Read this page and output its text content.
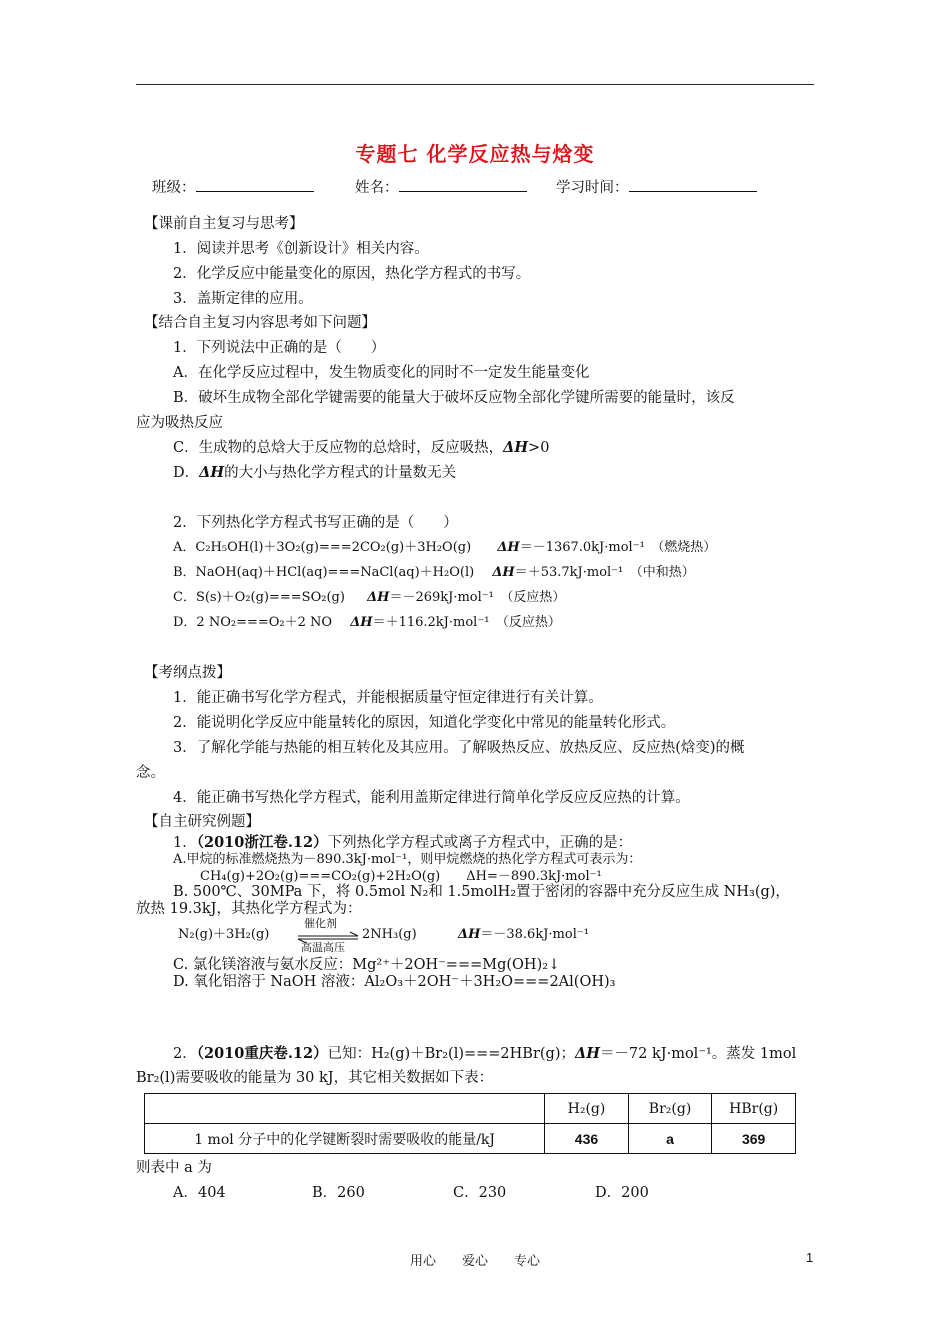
专题七 化学反应热与焓变
班级：	姓名：	学习时间：
【课前自主复习与思考】
1．阅读并思考《创新设计》相关内容。
2．化学反应中能量变化的原因，热化学方程式的书写。
3．盖斯定律的应用。
【结合自主复习内容思考如下问题】
1．下列说法中正确的是（　　）
A．在化学反应过程中，发生物质变化的同时不一定发生能量变化
B．破坏生成物全部化学键需要的能量大于破坏反应物全部化学键所需要的能量时，该反
应为吸热反应
C．生成物的总焓大于反应物的总焓时，反应吸热，ΔH>0
D．ΔH的大小与热化学方程式的计量数无关
2．下列热化学方程式书写正确的是（　　）
A．C₂H₅OH(l)＋3O₂(g)===2CO₂(g)＋3H₂O(g) ΔH＝－1367.0kJ·mol⁻¹　（燃烧热）
B．NaOH(aq)＋HCl(aq)===NaCl(aq)＋H₂O(l) ΔH＝＋53.7kJ·mol⁻¹　（中和热）
C．S(s)＋O₂(g)===SO₂(g) ΔH＝－269kJ·mol⁻¹　（反应热）
D．2 NO₂===O₂＋2 NO ΔH＝＋116.2kJ·mol⁻¹　（反应热）
【考纲点拨】
1．能正确书写化学方程式，并能根据质量守恒定律进行有关计算。
2．能说明化学反应中能量转化的原因，知道化学变化中常见的能量转化形式。
3．了解化学能与热能的相互转化及其应用。了解吸热反应、放热反应、反应热(焓变)的概
念。
4．能正确书写热化学方程式，能利用盖斯定律进行简单化学反应反应热的计算。
【自主研究例题】
1．（2010浙江卷.12）下列热化学方程式或离子方程式中，正确的是：
A.甲烷的标准燃烧热为－890.3kJ·mol⁻¹，则甲烷燃烧的热化学方程式可表示为：
CH₄(g)+2O₂(g)===CO₂(g)+2H₂O(g)　　ΔH=－890.3kJ·mol⁻¹
B. 500℃、30MPa 下，将 0.5mol N₂和 1.5molH₂置于密闭的容器中充分反应生成 NH₃(g)，
放热 19.3kJ，其热化学方程式为：
N₂(g)＋3H₂(g)
催化剂
高温高压
2NH₃(g)	ΔH＝－38.6kJ·mol⁻¹
C. 氯化镁溶液与氨水反应：Mg²⁺＋2OH⁻===Mg(OH)₂↓
D. 氧化铝溶于 NaOH 溶液：Al₂O₃＋2OH⁻＋3H₂O===2Al(OH)₃
2．（2010重庆卷.12）已知：H₂(g)＋Br₂(l)===2HBr(g)；ΔH＝－72 kJ·mol⁻¹。蒸发 1mol
Br₂(l)需要吸收的能量为 30 kJ，其它相关数据如下表：
	H₂(g)	Br₂(g)	HBr(g)
1 mol 分子中的化学键断裂时需要吸收的能量/kJ	436	a	369
则表中 a 为
A．404	B．260	C．230	D．200
用心　　爱心　　专心	1
